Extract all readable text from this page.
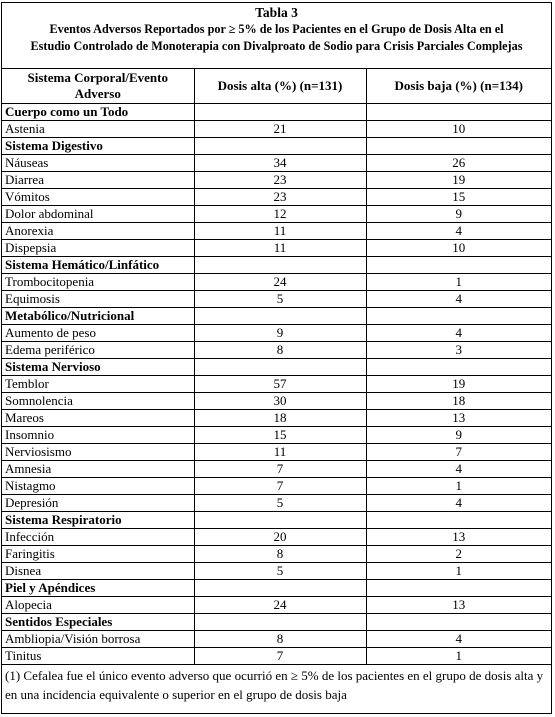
Tabla 3
Eventos Adversos Reportados por ≥ 5% de los Pacientes en el Grupo de Dosis Alta en el
Estudio Controlado de Monoterapia con Divalproato de Sodio para Crisis Parciales Complejas
Sistema Corporal/Evento Adverso	Dosis alta (%) (n=131)	Dosis baja (%) (n=134)
Cuerpo como un Todo		
Astenia	21	10
Sistema Digestivo		
Náuseas	34	26
Diarrea	23	19
Vómitos	23	15
Dolor abdominal	12	9
Anorexia	11	4
Dispepsia	11	10
Sistema Hemático/Linfático		
Trombocitopenia	24	1
Equimosis	5	4
Metabólico/Nutricional		
Aumento de peso	9	4
Edema periférico	8	3
Sistema Nervioso		
Temblor	57	19
Somnolencia	30	18
Mareos	18	13
Insomnio	15	9
Nerviosismo	11	7
Amnesia	7	4
Nistagmo	7	1
Depresión	5	4
Sistema Respiratorio		
Infección	20	13
Faringitis	8	2
Disnea	5	1
Piel y Apéndices		
Alopecia	24	13
Sentidos Especiales		
Ambliopia/Visión borrosa	8	4
Tinitus	7	1
(1) Cefalea fue el único evento adverso que ocurrió en ≥ 5% de los pacientes en el grupo de dosis alta y en una incidencia equivalente o superior en el grupo de dosis baja		
